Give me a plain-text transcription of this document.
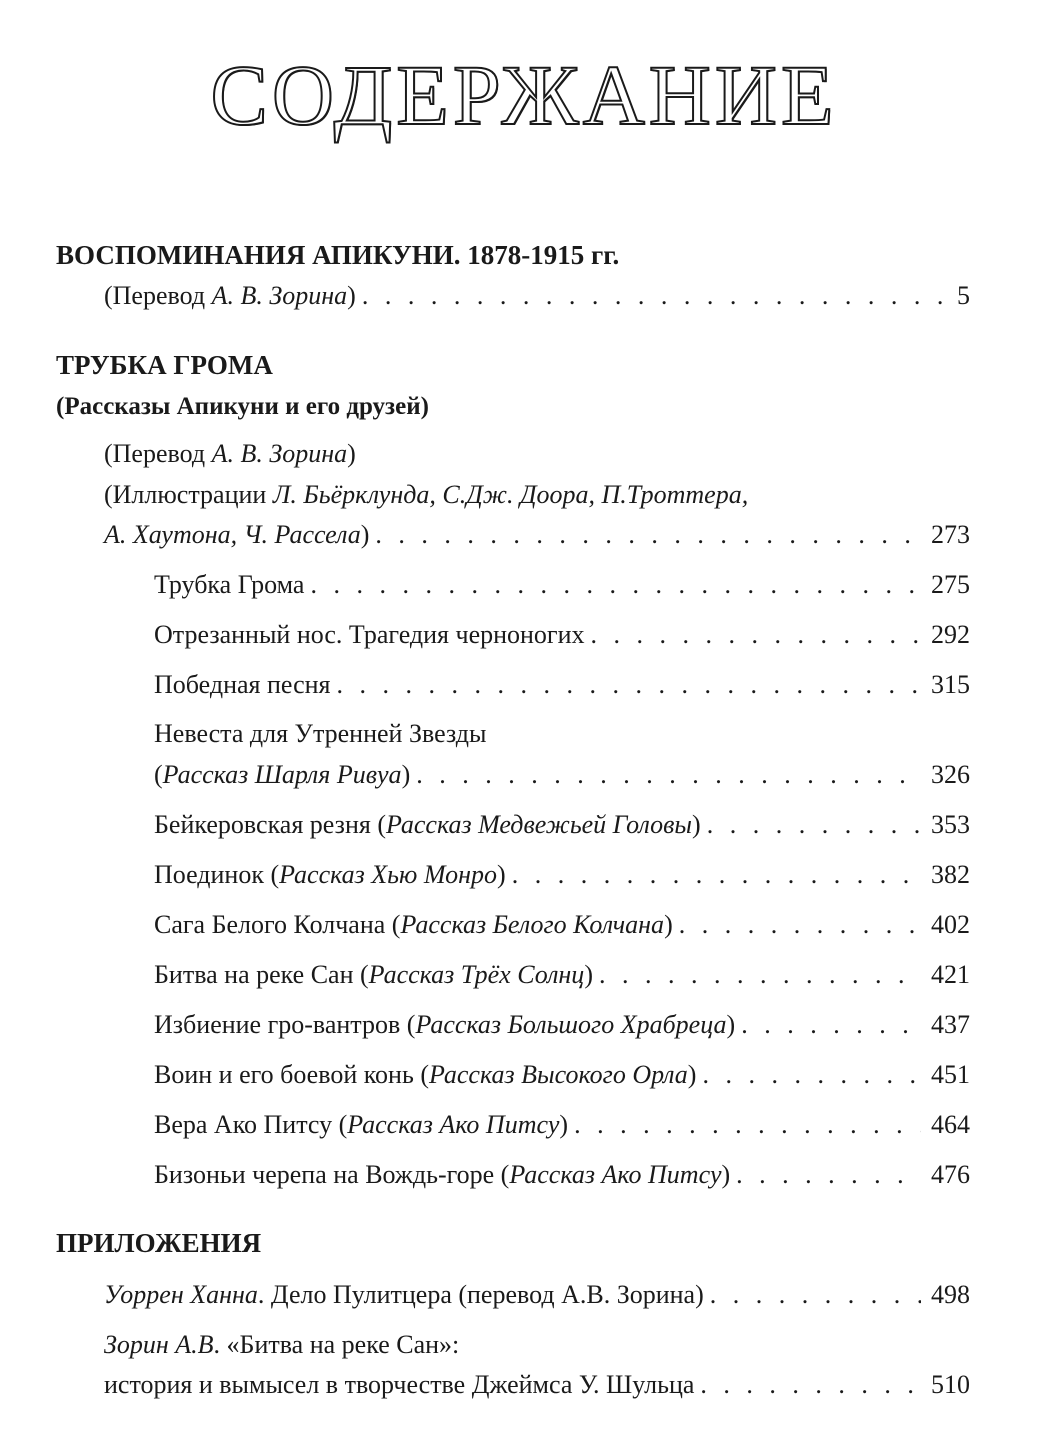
СОДЕРЖАНИЕ
ВОСПОМИНАНИЯ АПИКУНИ. 1878-1915 гг.
(Перевод А. В. Зорина) . . .	5
ТРУБКА ГРОМА
(Рассказы Апикуни и его друзей)
(Перевод А. В. Зорина)
(Иллюстрации Л. Бьёрклунда, С.Дж. Доора, П.Троттера,
А. Хаутона, Ч. Рассела) . . .	273
Трубка Грома . . .	275
Отрезанный нос. Трагедия черноногих . . .	292
Победная песня . . .	315
Невеста для Утренней Звезды
(Рассказ Шарля Ривуа) . . .	326
Бейкеровская резня (Рассказ Медвежьей Головы) . . .	353
Поединок (Рассказ Хью Монро) . . .	382
Сага Белого Колчана (Рассказ Белого Колчана) . . .	402
Битва на реке Сан (Рассказ Трёх Солнц) . . .	421
Избиение гро-вантров (Рассказ Большого Храбреца) . . .	437
Воин и его боевой конь (Рассказ Высокого Орла) . . .	451
Вера Ако Питсу (Рассказ Ако Питсу) . . .	464
Бизоньи черепа на Вождь-горе (Рассказ Ако Питсу) . . .	476
ПРИЛОЖЕНИЯ
Уоррен Ханна. Дело Пулитцера (перевод А.В. Зорина) . . .	498
Зорин А.В. «Битва на реке Сан»:
история и вымысел в творчестве Джеймса У. Шульца . . .	510
